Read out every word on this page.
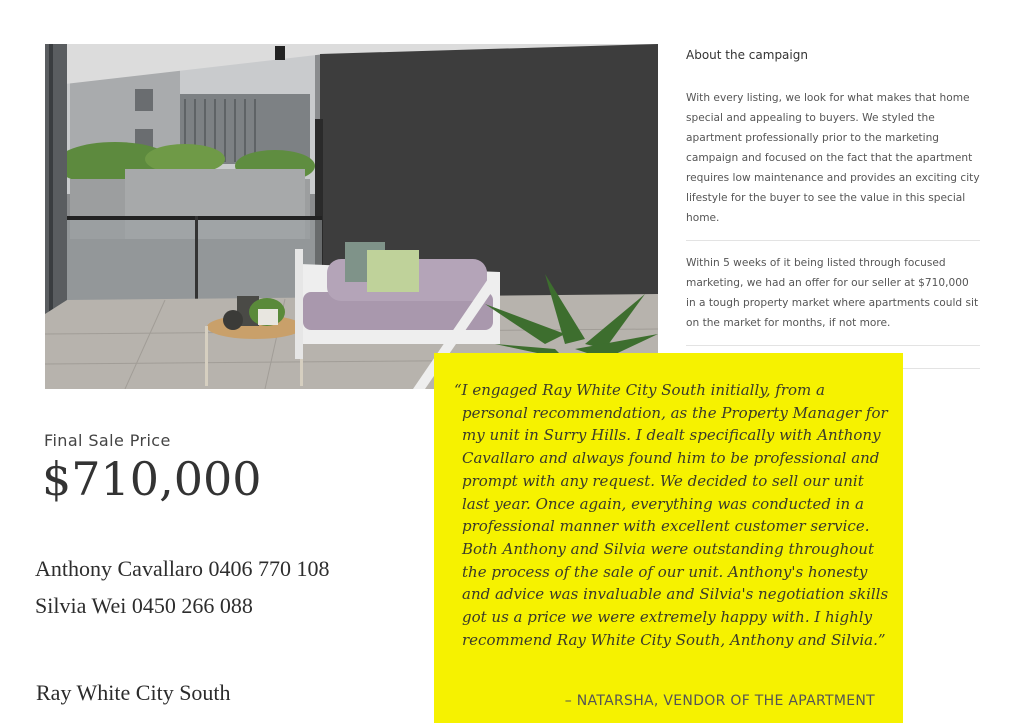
About the campaign

With every listing, we look for what makes that home special and appealing to buyers. We styled the apartment professionally prior to the marketing campaign and focused on the fact that the apartment requires low maintenance and provides an exciting city lifestyle for the buyer to see the value in this special home.

Within 5 weeks of it being listed through focused marketing, we had an offer for our seller at $710,000 in a tough property market where apartments could sit on the market for months, if not more.

Final Sale Price
$710,000
Anthony Cavallaro 0406 770 108
Silvia Wei 0450 266 088
Ray White City South
“I engaged Ray White City South initially, from a personal recommendation, as the Property Manager for my unit in Surry Hills. I dealt specifically with Anthony Cavallaro and always found him to be professional and prompt with any request. We decided to sell our unit last year. Once again, everything was conducted in a professional manner with excellent customer service. Both Anthony and Silvia were outstanding throughout the process of the sale of our unit. Anthony's honesty and advice was invaluable and Silvia's negotiation skills got us a price we were extremely happy with. I highly recommend Ray White City South, Anthony and Silvia.”
– NATARSHA, VENDOR OF THE APARTMENT
